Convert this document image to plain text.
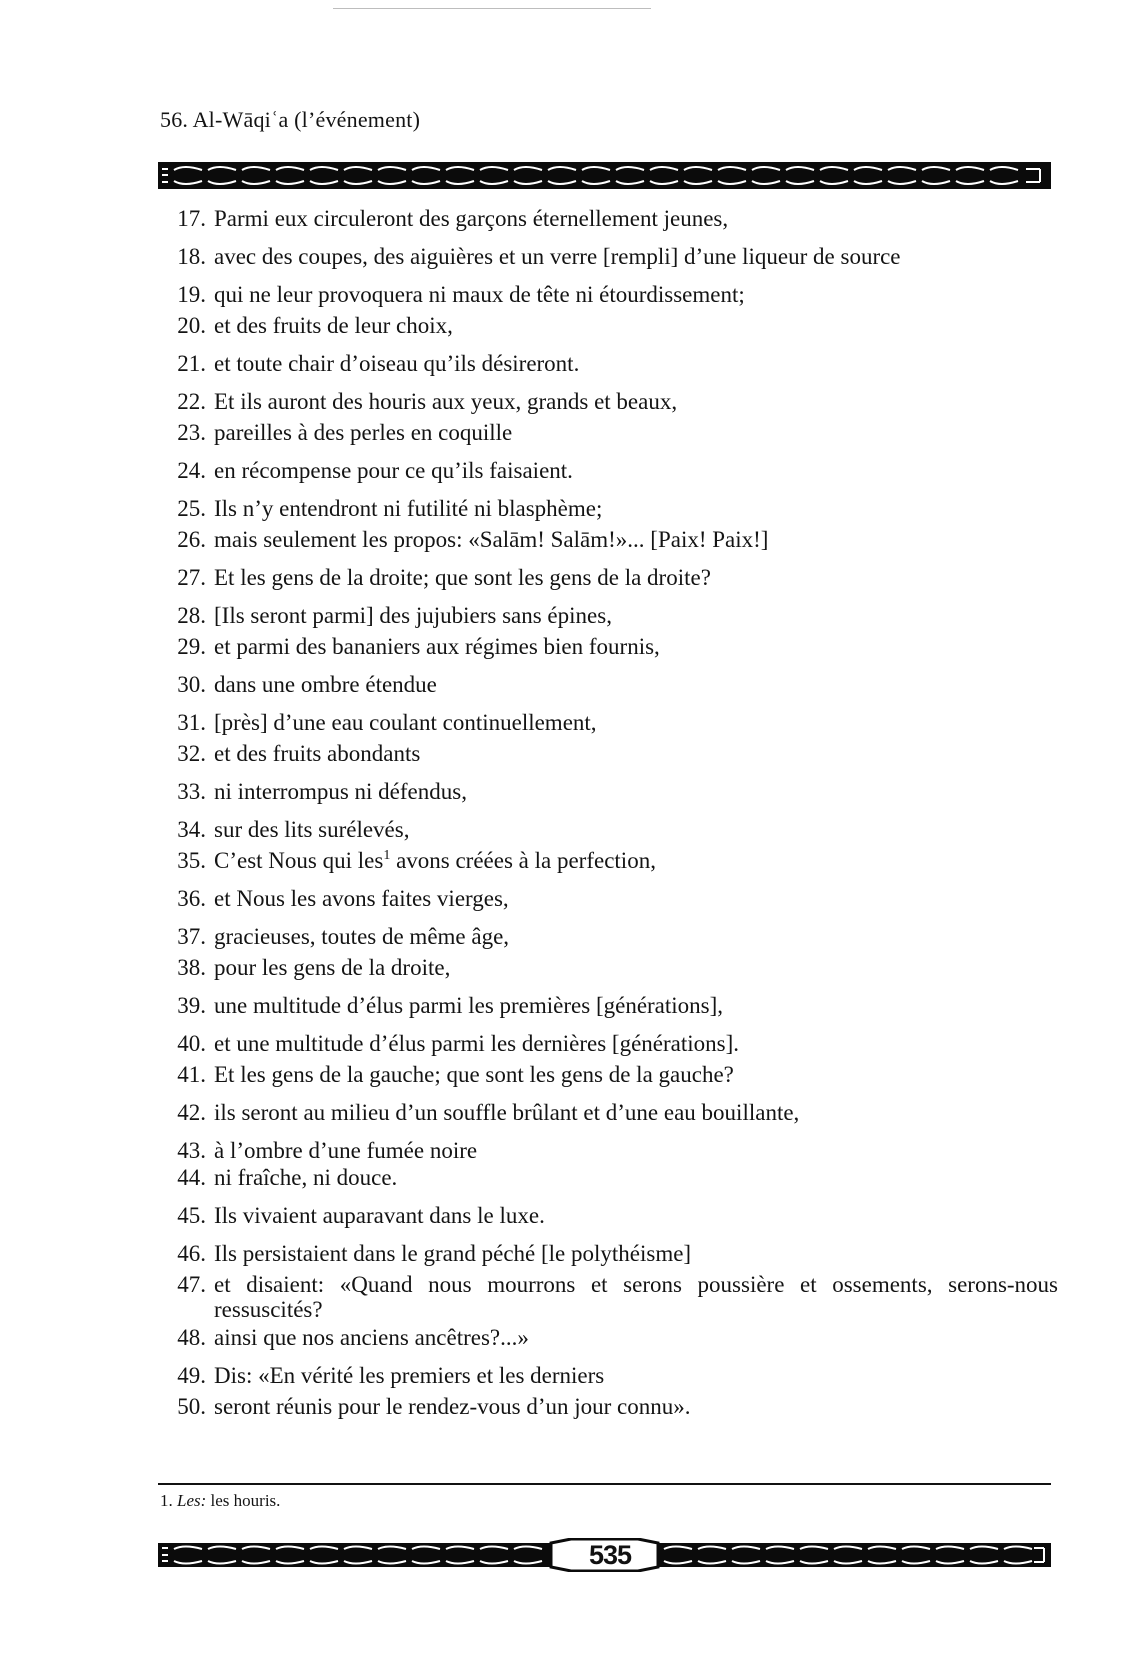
56. Al-Wāqiʿa (l’événement)
17. Parmi eux circuleront des garçons éternellement jeunes,
18. avec des coupes, des aiguières et un verre [rempli] d’une liqueur de source
19. qui ne leur provoquera ni maux de tête ni étourdissement;
20. et des fruits de leur choix,
21. et toute chair d’oiseau qu’ils désireront.
22. Et ils auront des houris aux yeux, grands et beaux,
23. pareilles à des perles en coquille
24. en récompense pour ce qu’ils faisaient.
25. Ils n’y entendront ni futilité ni blasphème;
26. mais seulement les propos: «Salām! Salām!»... [Paix! Paix!]
27. Et les gens de la droite; que sont les gens de la droite?
28. [Ils seront parmi] des jujubiers sans épines,
29. et parmi des bananiers aux régimes bien fournis,
30. dans une ombre étendue
31. [près] d’une eau coulant continuellement,
32. et des fruits abondants
33. ni interrompus ni défendus,
34. sur des lits surélevés,
35. C’est Nous qui les$^1$ avons créées à la perfection,
36. et Nous les avons faites vierges,
37. gracieuses, toutes de même âge,
38. pour les gens de la droite,
39. une multitude d’élus parmi les premières [générations],
40. et une multitude d’élus parmi les dernières [générations].
41. Et les gens de la gauche; que sont les gens de la gauche?
42. ils seront au milieu d’un souffle brûlant et d’une eau bouillante,
43. à l’ombre d’une fumée noire
44. ni fraîche, ni douce.
45. Ils vivaient auparavant dans le luxe.
46. Ils persistaient dans le grand péché [le polythéisme]
47. et disaient: «Quand nous mourrons et serons poussière et ossements, serons-nous ressuscités?
48. ainsi que nos anciens ancêtres?...»
49. Dis: «En vérité les premiers et les derniers
50. seront réunis pour le rendez-vous d’un jour connu».
1. Les: les houris.
535
